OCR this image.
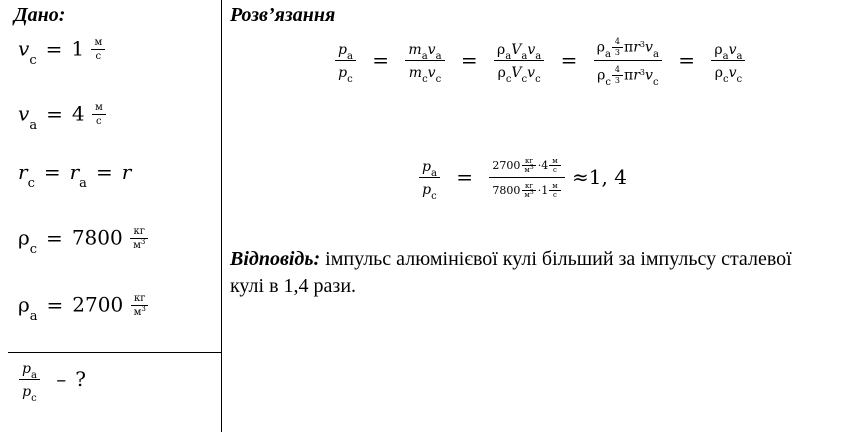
Дано:
$v_c = 1 \frac{м}{с}$
$v_a = 4 \frac{м}{с}$
$r_c = r_a = r$
$\rho_c = 7800 \frac{кг}{м^3}$
$\rho_a = 2700 \frac{кг}{м^3}$
$\frac{p_a}{p_c}$ – ?
Розв’язання
$\frac{p_a}{p_c} = \frac{m_av_a}{m_cv_c} = \frac{\rho_aV_av_a}{\rho_cV_cv_c} = \frac{\rho_a \frac{4}{3} \pi r^3v_a}{\rho_c \frac{4}{3} \pi r^3v_c} = \frac{\rho_av_a}{\rho_cv_c}$
$\frac{p_a}{p_c} = \frac{2700 \frac{кг}{м3} \cdot 4 \frac{м}{с}}{7800 \frac{кг}{м3} \cdot 1 \frac{м}{с}} \approx 1$, 4
Відповідь: імпульс алюмінієвої кулі більший за імпульсу сталевої кулі в 1,4 рази.
